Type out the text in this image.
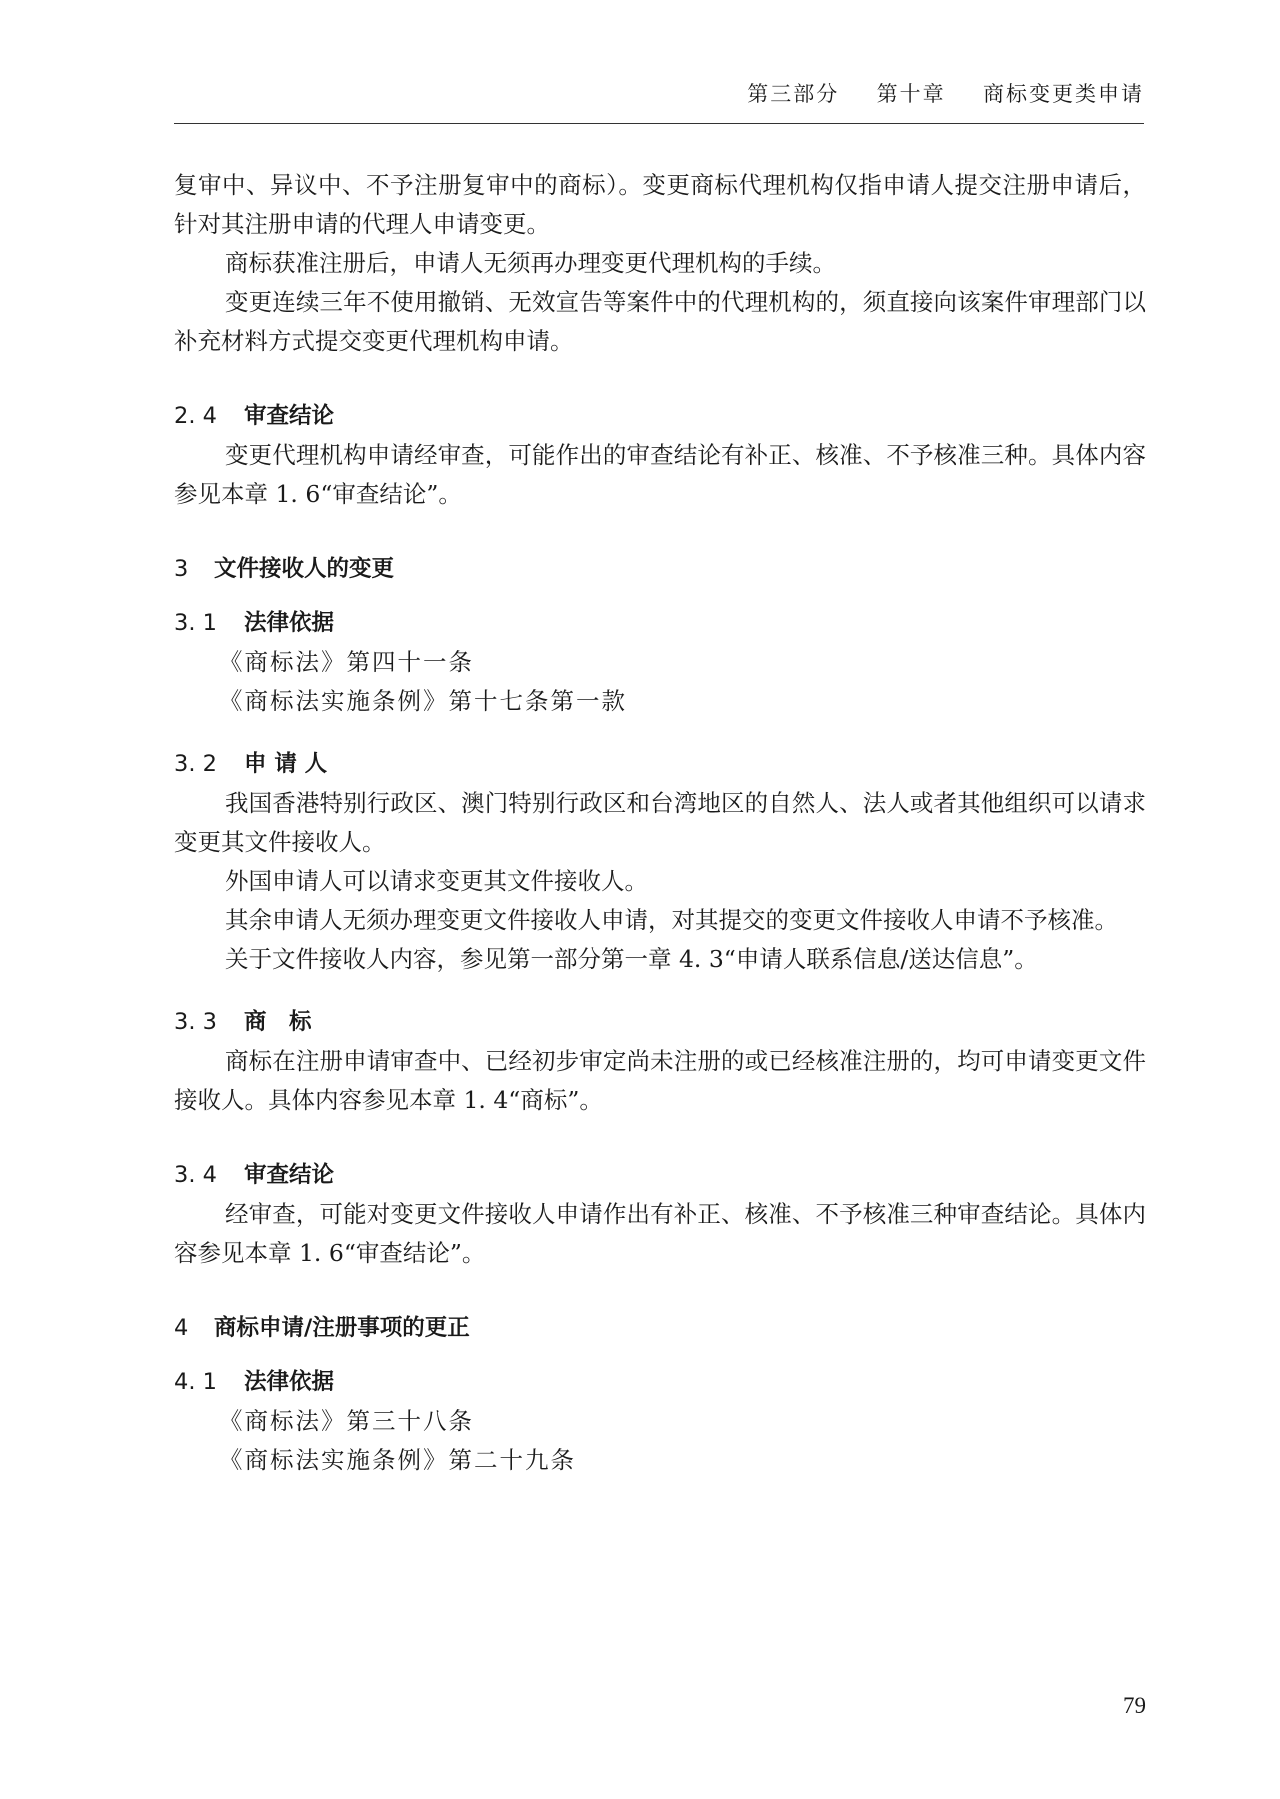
第三部分  第十章  商标变更类申请

复审中、异议中、不予注册复审中的商标）。变更商标代理机构仅指申请人提交注册申请后，针对其注册申请的代理人申请变更。

商标获准注册后，申请人无须再办理变更代理机构的手续。

变更连续三年不使用撤销、无效宣告等案件中的代理机构的，须直接向该案件审理部门以补充材料方式提交变更代理机构申请。

2. 4 审查结论

变更代理机构申请经审查，可能作出的审查结论有补正、核准、不予核准三种。具体内容参见本章 1. 6“审查结论”。

3 文件接收人的变更
3. 1 法律依据

《商标法》第四十一条

《商标法实施条例》第十七条第一款

3. 2 申 请 人

我国香港特别行政区、澳门特别行政区和台湾地区的自然人、法人或者其他组织可以请求变更其文件接收人。

外国申请人可以请求变更其文件接收人。

其余申请人无须办理变更文件接收人申请，对其提交的变更文件接收人申请不予核准。

关于文件接收人内容，参见第一部分第一章 4. 3“申请人联系信息/送达信息”。

3. 3 商　标

商标在注册申请审查中、已经初步审定尚未注册的或已经核准注册的，均可申请变更文件接收人。具体内容参见本章 1. 4“商标”。

3. 4 审查结论

经审查，可能对变更文件接收人申请作出有补正、核准、不予核准三种审查结论。具体内容参见本章 1. 6“审查结论”。

4 商标申请/注册事项的更正
4. 1 法律依据

《商标法》第三十八条

《商标法实施条例》第二十九条

79
